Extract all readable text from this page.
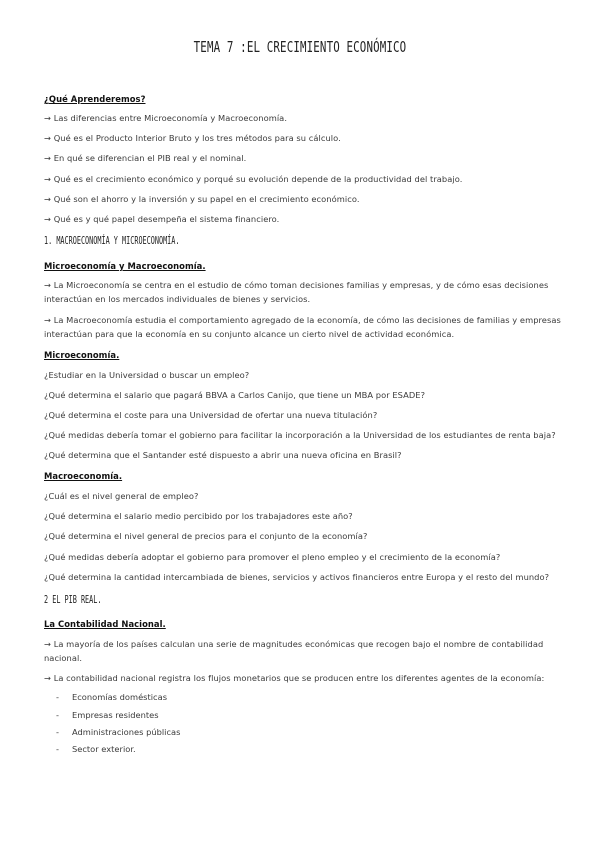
TEMA 7 :EL CRECIMIENTO ECONÓMICO
¿Qué Aprenderemos?
→ Las diferencias entre Microeconomía y Macroeconomía.
→ Qué es el Producto Interior Bruto y los tres métodos para su cálculo.
→ En qué se diferencian el PIB real y el nominal.
→ Qué es el crecimiento económico y porqué su evolución depende de la productividad del trabajo.
→ Qué son el ahorro y la inversión y su papel en el crecimiento económico.
→ Qué es y qué papel desempeña el sistema financiero.
1. MACROECONOMÍA Y MICROECONOMÍA.
Microeconomía y Macroeconomía.
→ La Microeconomía se centra en el estudio de cómo toman decisiones familias y empresas, y de cómo esas decisiones
interactúan en los mercados individuales de bienes y servicios.
→ La Macroeconomía estudia el comportamiento agregado de la economía, de cómo las decisiones de familias y empresas
interactúan para que la economía en su conjunto alcance un cierto nivel de actividad económica.
Microeconomía.
¿Estudiar en la Universidad o buscar un empleo?
¿Qué determina el salario que pagará BBVA a Carlos Canijo, que tiene un MBA por ESADE?
¿Qué determina el coste para una Universidad de ofertar una nueva titulación?
¿Qué medidas debería tomar el gobierno para facilitar la incorporación a la Universidad de los estudiantes de renta baja?
¿Qué determina que el Santander esté dispuesto a abrir una nueva oficina en Brasil?
Macroeconomía.
¿Cuál es el nivel general de empleo?
¿Qué determina el salario medio percibido por los trabajadores este año?
¿Qué determina el nivel general de precios para el conjunto de la economía?
¿Qué medidas debería adoptar el gobierno para promover el pleno empleo y el crecimiento de la economía?
¿Qué determina la cantidad intercambiada de bienes, servicios y activos financieros entre Europa y el resto del mundo?
2 EL PIB REAL.
La Contabilidad Nacional.
→ La mayoría de los países calculan una serie de magnitudes económicas que recogen bajo el nombre de contabilidad
nacional.
→ La contabilidad nacional registra los flujos monetarios que se producen entre los diferentes agentes de la economía:
- Economías domésticas
- Empresas residentes
- Administraciones públicas
- Sector exterior.
